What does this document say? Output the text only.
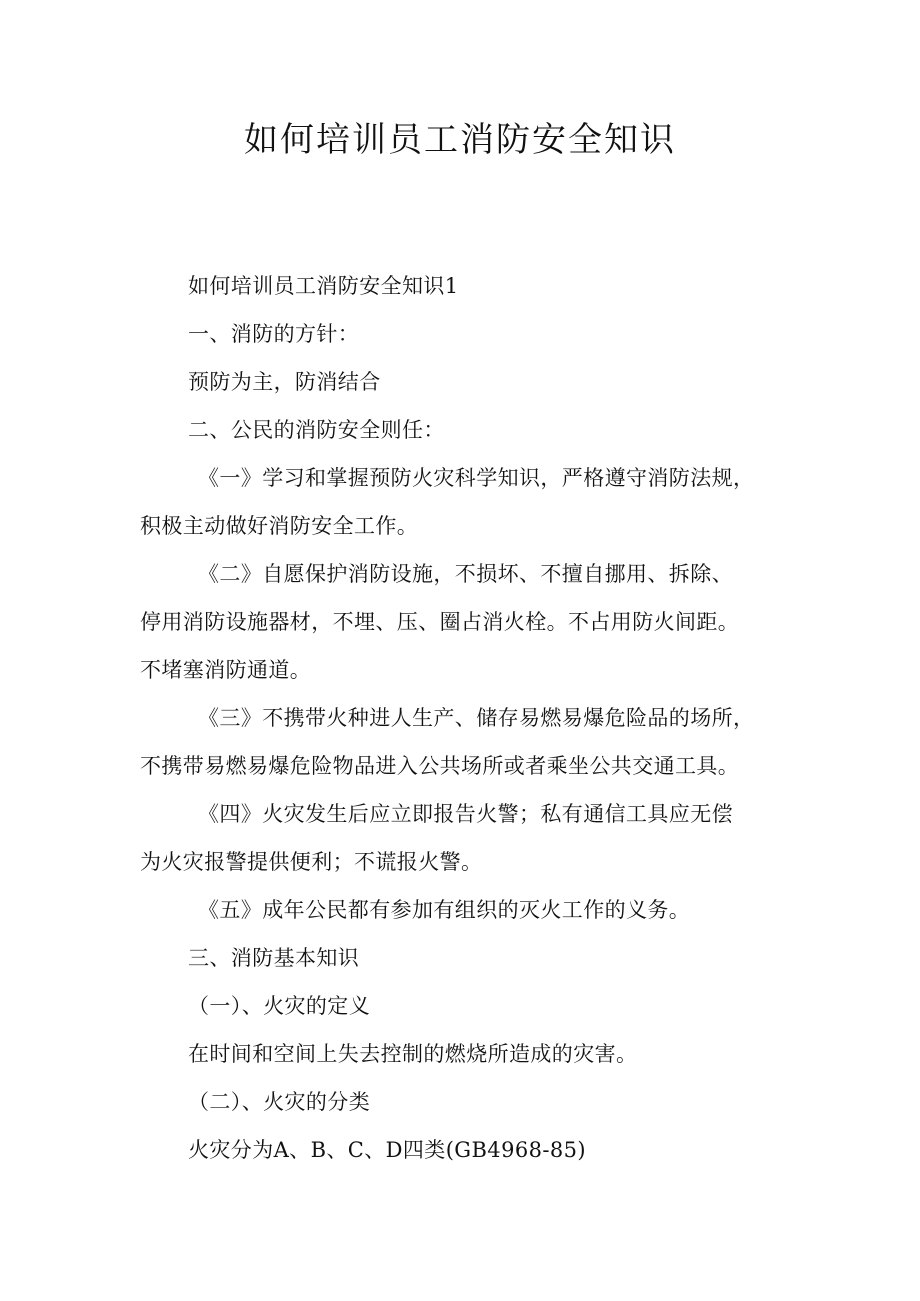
如何培训员工消防安全知识

如何培训员工消防安全知识1

一、消防的方针：

预防为主，防消结合

二、公民的消防安全则任：

《一》学习和掌握预防火灾科学知识，严格遵守消防法规，

积极主动做好消防安全工作。

《二》自愿保护消防设施，不损坏、不擅自挪用、拆除、

停用消防设施器材，不埋、压、圈占消火栓。不占用防火间距。

不堵塞消防通道。

《三》不携带火种进人生产、储存易燃易爆危险品的场所，

不携带易燃易爆危险物品进入公共场所或者乘坐公共交通工具。

《四》火灾发生后应立即报告火警；私有通信工具应无偿

为火灾报警提供便利；不谎报火警。

《五》成年公民都有参加有组织的灭火工作的义务。

三、消防基本知识

（一）、火灾的定义

在时间和空间上失去控制的燃烧所造成的灾害。

（二）、火灾的分类

火灾分为A、B、C、D四类(GB4968-85)
